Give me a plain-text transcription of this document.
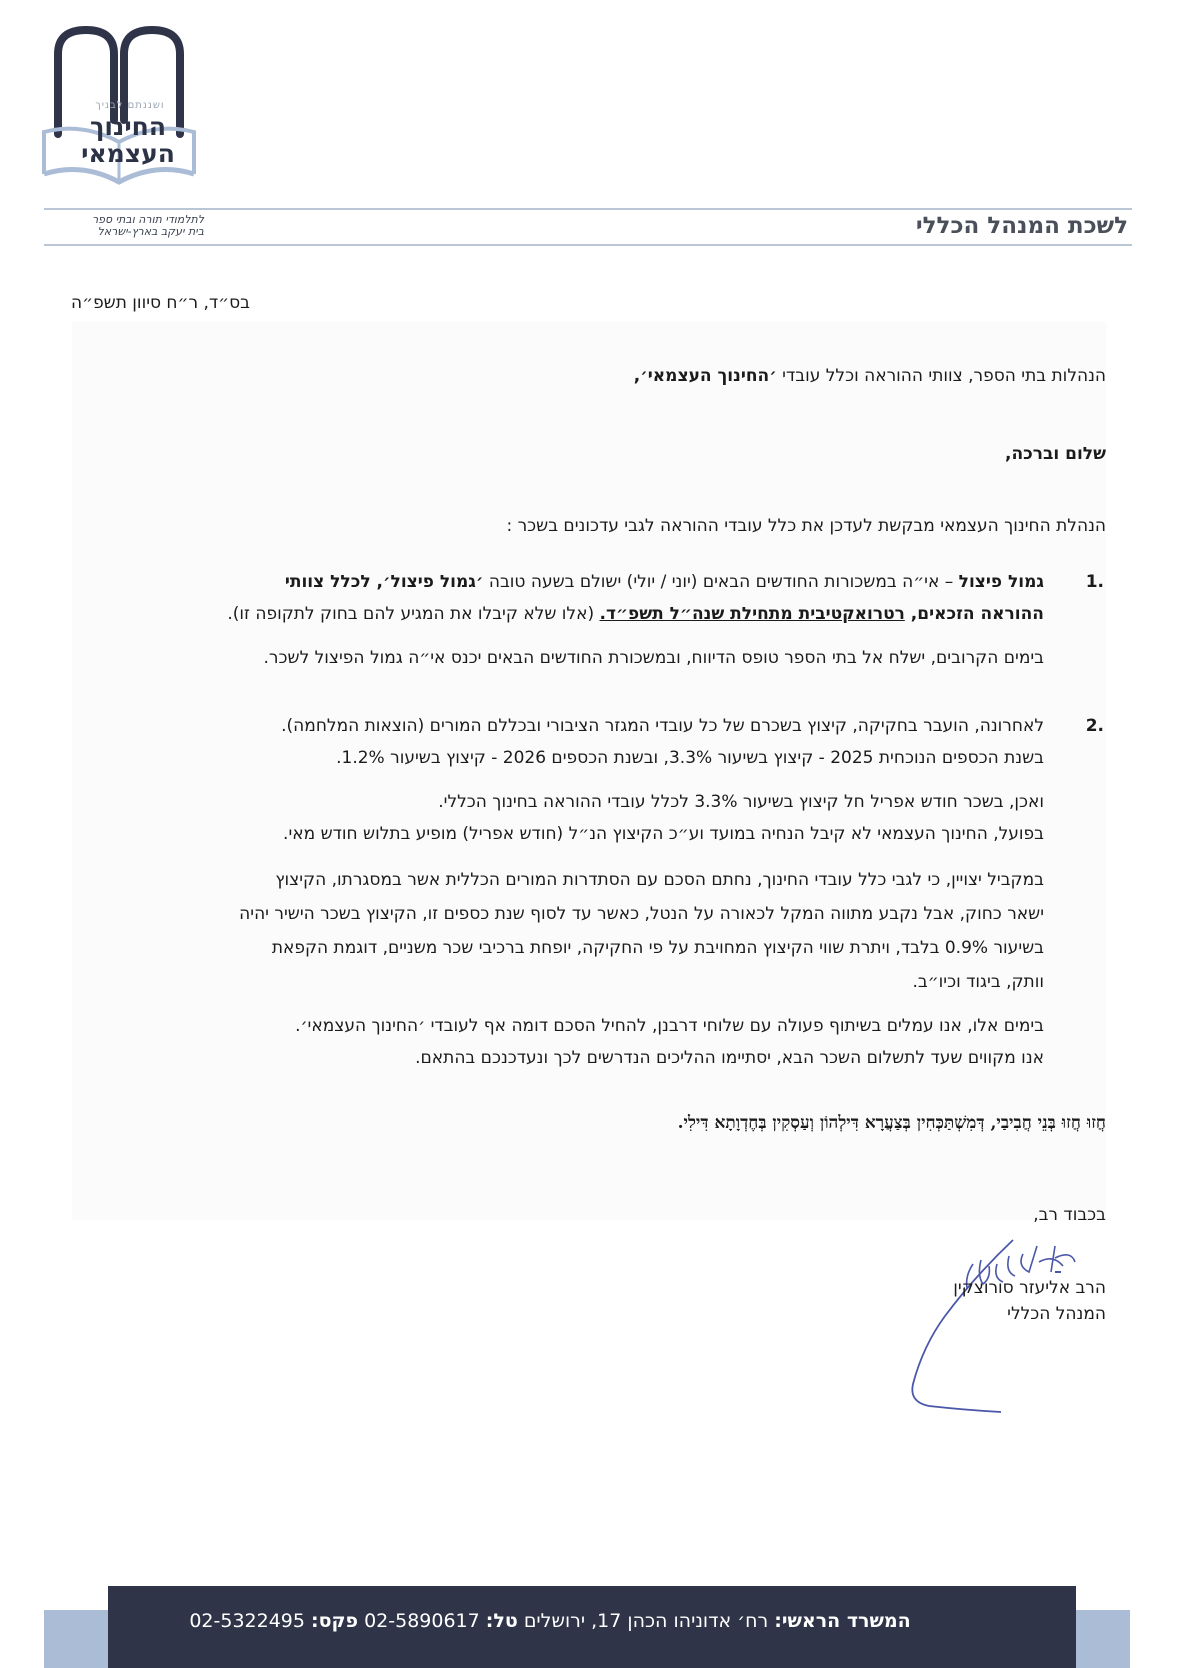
ושננתם לבניך
החינוך
העצמאי
לתלמודי תורה ובתי ספר
בית יעקב בארץ-ישראל	לשכת המנהל הכללי
בס״ד, ר״ח סיוון תשפ״ה
הנהלות בתי הספר, צוותי ההוראה וכלל עובדי ׳החינוך העצמאי׳,
שלום וברכה,
הנהלת החינוך העצמאי מבקשת לעדכן את כלל עובדי ההוראה לגבי עדכונים בשכר :
.1
גמול פיצול – אי״ה במשכורות החודשים הבאים (יוני / יולי) ישולם בשעה טובה ׳גמול פיצול׳, לכלל צוותי
ההוראה הזכאים, רטרואקטיבית מתחילת שנה״ל תשפ״ד. (אלו שלא קיבלו את המגיע להם בחוק לתקופה זו).
בימים הקרובים, ישלח אל בתי הספר טופס הדיווח, ובמשכורת החודשים הבאים יכנס אי״ה גמול הפיצול לשכר.
.2
לאחרונה, הועבר בחקיקה, קיצוץ בשכרם של כל עובדי המגזר הציבורי ובכללם המורים (הוצאות המלחמה).
בשנת הכספים הנוכחית 2025 - קיצוץ בשיעור 3.3%, ובשנת הכספים 2026 - קיצוץ בשיעור 1.2%.
ואכן, בשכר חודש אפריל חל קיצוץ בשיעור 3.3% לכלל עובדי ההוראה בחינוך הכללי.
בפועל, החינוך העצמאי לא קיבל הנחיה במועד וע״כ הקיצוץ הנ״ל (חודש אפריל) מופיע בתלוש חודש מאי.
במקביל יצויין, כי לגבי כלל עובדי החינוך, נחתם הסכם עם הסתדרות המורים הכללית אשר במסגרתו, הקיצוץ
ישאר כחוק, אבל נקבע מתווה המקל לכאורה על הנטל, כאשר עד לסוף שנת כספים זו, הקיצוץ בשכר הישיר יהיה
בשיעור 0.9% בלבד, ויתרת שווי הקיצוץ המחויבת על פי החקיקה, יופחת ברכיבי שכר משניים, דוגמת הקפאת
וותק, ביגוד וכיו״ב.
בימים אלו, אנו עמלים בשיתוף פעולה עם שלוחי דרבנן, להחיל הסכם דומה אף לעובדי ׳החינוך העצמאי׳.
אנו מקווים שעד לתשלום השכר הבא, יסתיימו ההליכים הנדרשים לכך ונעדכנכם בהתאם.
חֲזוּ חֲזוּ בְּנֵי חֲבִיבַי, דְּמִשְׁתַּכְּחִין בְּצַעֲרָא דִּילְהוֹן וְעַסְקִין בְּחֶדְוָתָא דִּילִי.
בכבוד רב,
הרב אליעזר סורוצקין
המנהל הכללי
המשרד הראשי: רח׳ אדוניהו הכהן 17, ירושלים טל: 02-5890617 פקס: 02-5322495
